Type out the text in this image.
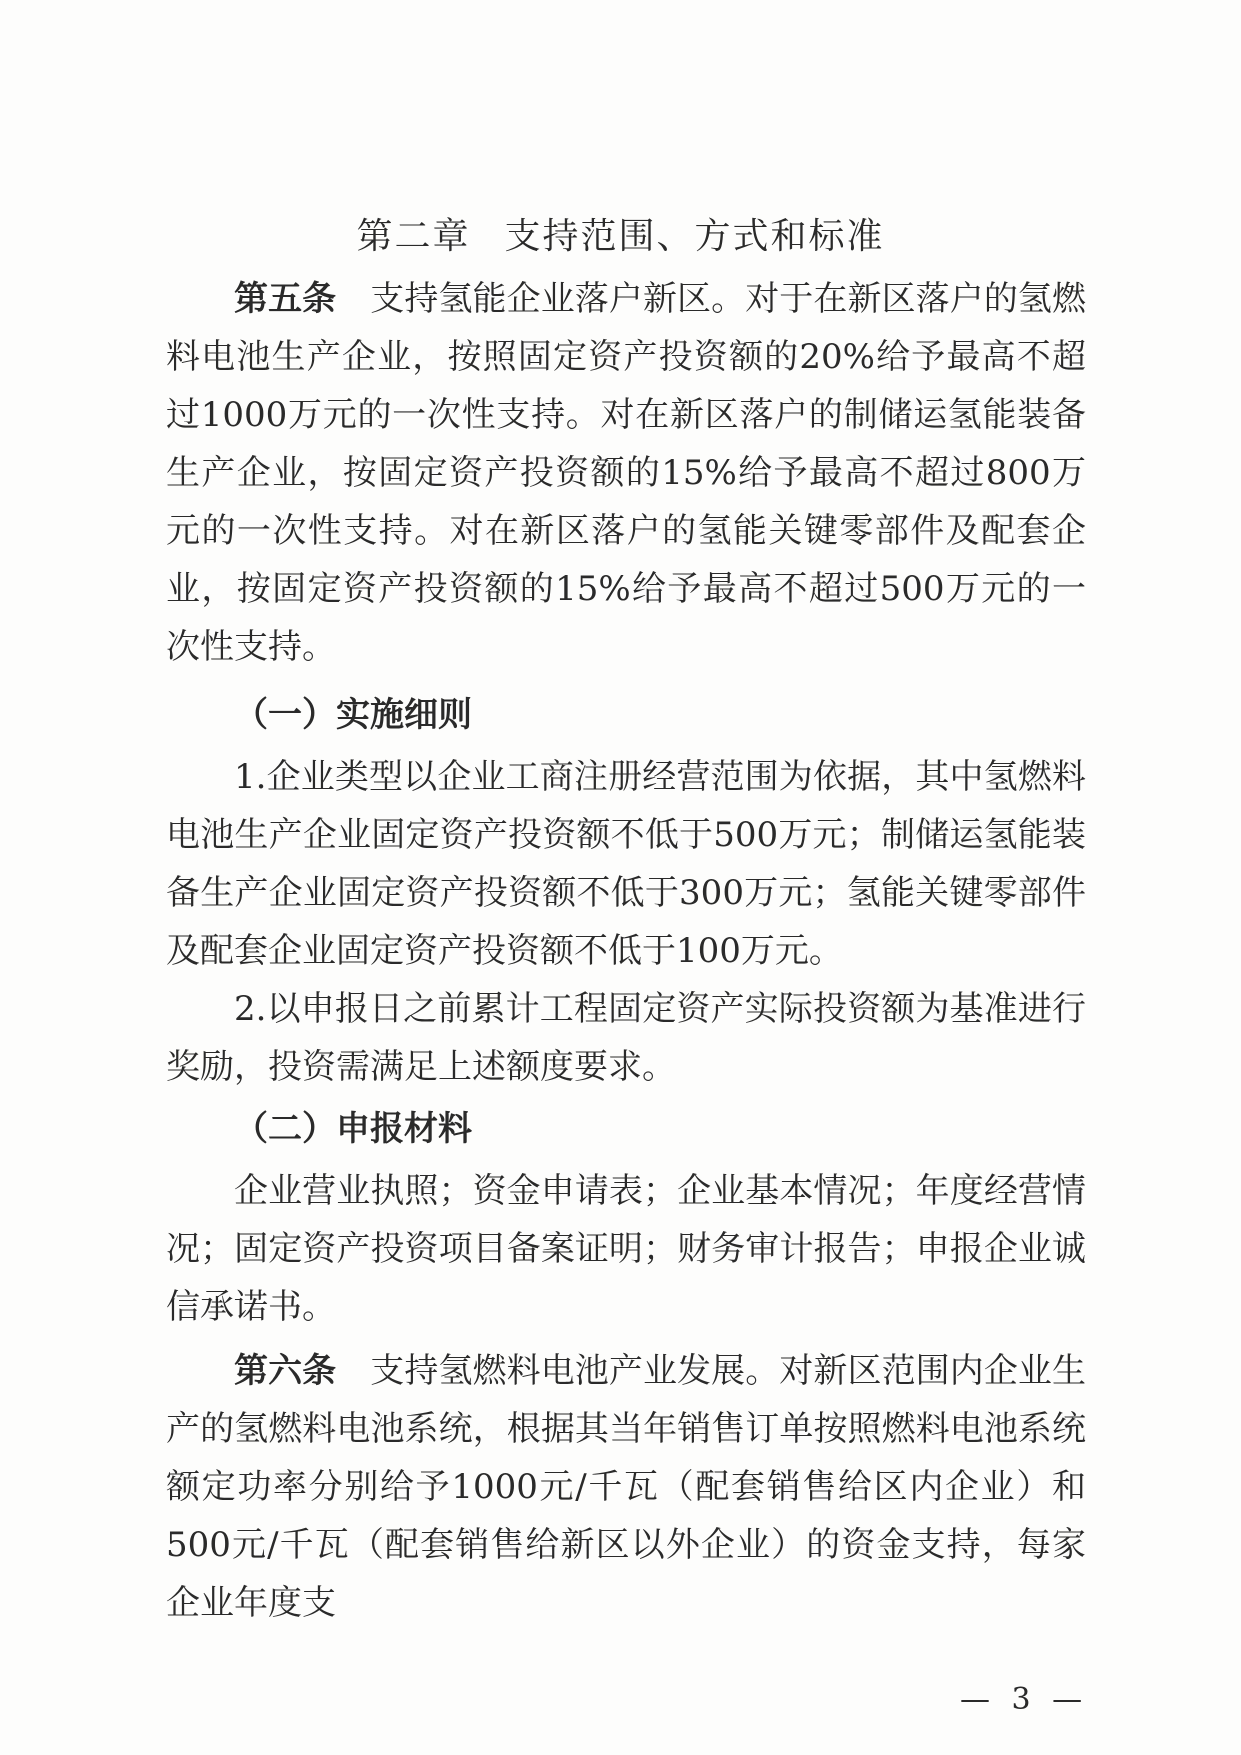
第二章 支持范围、方式和标准

第五条 支持氢能企业落户新区。对于在新区落户的氢燃料电池生产企业，按照固定资产投资额的20%给予最高不超过1000万元的一次性支持。对在新区落户的制储运氢能装备生产企业，按固定资产投资额的15%给予最高不超过800万元的一次性支持。对在新区落户的氢能关键零部件及配套企业，按固定资产投资额的15%给予最高不超过500万元的一次性支持。

（一）实施细则

1.企业类型以企业工商注册经营范围为依据，其中氢燃料电池生产企业固定资产投资额不低于500万元；制储运氢能装备生产企业固定资产投资额不低于300万元；氢能关键零部件及配套企业固定资产投资额不低于100万元。

2.以申报日之前累计工程固定资产实际投资额为基准进行奖励，投资需满足上述额度要求。

（二）申报材料

企业营业执照；资金申请表；企业基本情况；年度经营情况；固定资产投资项目备案证明；财务审计报告；申报企业诚信承诺书。

第六条 支持氢燃料电池产业发展。对新区范围内企业生产的氢燃料电池系统，根据其当年销售订单按照燃料电池系统额定功率分别给予1000元/千瓦（配套销售给区内企业）和500元/千瓦（配套销售给新区以外企业）的资金支持，每家企业年度支

— 3 —
